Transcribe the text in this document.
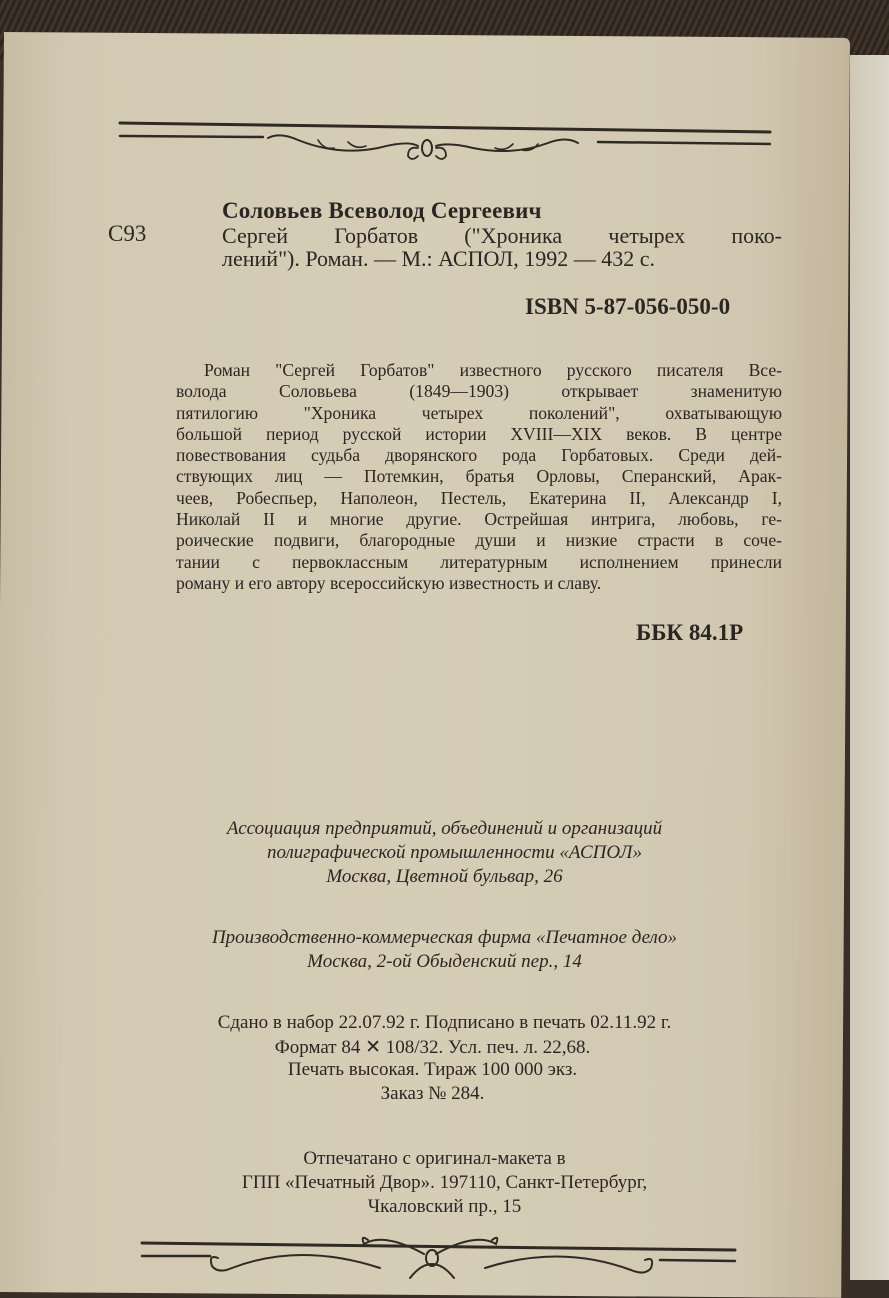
Соловьев Всеволод Сергеевич
С93	Сергей Горбатов ("Хроника четырех поко-
лений"). Роман. — М.: АСПОЛ, 1992 — 432 с.
ISBN 5-87-056-050-0
Роман "Сергей Горбатов" известного русского писателя Все-
волода Соловьева (1849—1903) открывает знаменитую
пятилогию "Хроника четырех поколений", охватывающую
большой период русской истории XVIII—XIX веков. В центре
повествования судьба дворянского рода Горбатовых. Среди дей-
ствующих лиц — Потемкин, братья Орловы, Сперанский, Арак-
чеев, Робеспьер, Наполеон, Пестель, Екатерина II, Александр I,
Николай II и многие другие. Острейшая интрига, любовь, ге-
роические подвиги, благородные души и низкие страсти в соче-
тании с первоклассным литературным исполнением принесли
роману и его автору всероссийскую известность и славу.
ББК 84.1Р
Ассоциация предприятий, объединений и организаций
полиграфической промышленности «АСПОЛ»
Москва, Цветной бульвар, 26
Производственно-коммерческая фирма «Печатное дело»
Москва, 2-ой Обыденский пер., 14
Сдано в набор 22.07.92 г. Подписано в печать 02.11.92 г.
Формат 84 ✕ 108/32. Усл. печ. л. 22,68.
Печать высокая. Тираж 100 000 экз.
Заказ № 284.
Отпечатано с оригинал-макета в
ГПП «Печатный Двор». 197110, Санкт-Петербург,
Чкаловский пр., 15
